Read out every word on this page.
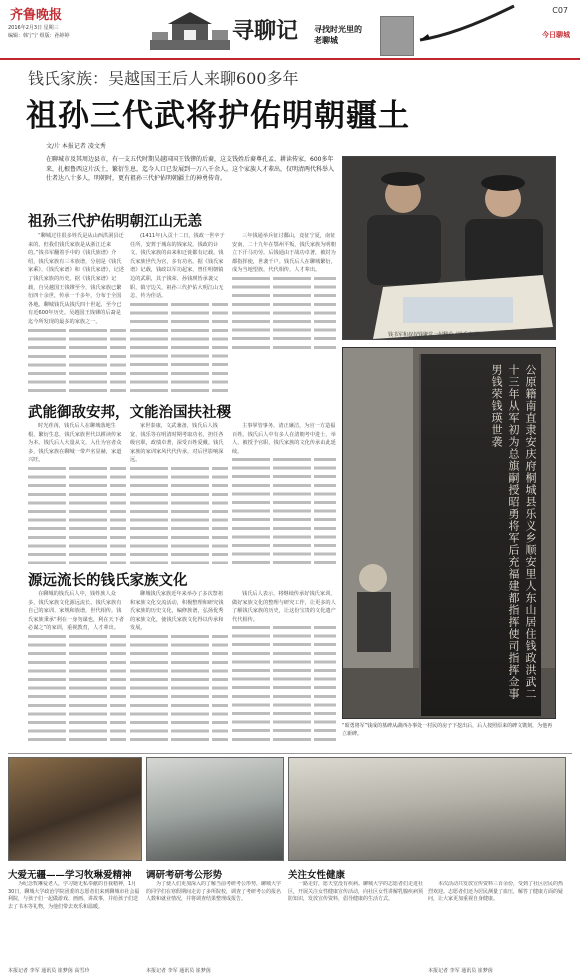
齐鲁晚报
2016年2月3日 星期三
编辑：韩宁宁 组版：孙婷婷	寻聊记 寻找时光里的
老聊城
C07
今日聊城
钱氏家族：吴越国王后人来聊600多年
祖孙三代武将护佑明朝疆土
文/片 本报记者 凌文秀
在聊城市及其周边县市，有一支五代时期吴越国国王钱镠的后裔，这支钱姓后裔尊孔孟、耕读传家，600多年来，扎根鲁西这片沃土，繁衍生息，迄今人口已发展到一万八千余人。这个家族人才辈出，仅明清两代科举入仕者达八十多人，明朝时，更有祖孙三代护佑明朝疆土的神勇传奇。
祖孙三代护佑明朝江山无恙
“聊城过往很多姓氏是从山西洪洞县迁来的，但我们钱氏家族是从浙江迁来的。”钱书军翻着手中的《钱氏族谱》介绍，钱氏家族有三本族谱，分别是《钱氏家乘》、《钱氏家谱》和《钱氏家谱》，记述了钱氏家族的历史。据《钱氏家谱》记载，自吴越国王钱镠至今，钱氏家族已繁衍四十余世，传承一千多年，分布于全国各地。聊城钱氏从钱氏四十世起，至今已有近600年历史。吴越国王钱镠的后裔是迄今所发现的最多的家族之一。
(1411年)入贡十二日，钱政一世卒于任所，安葬于城东的钱家坟。钱政的讣文、钱氏家族的由来和迁徙都有记载。钱氏家族世代为官，多有功名。据《钱氏家谱》记载，钱政以军功起家，曾任明朝镇边的武职，其子钱荣、孙钱瑛皆承袭父职，镇守边关，祖孙三代护佑大明江山无恙，传为佳话。
三年钱通举兵征讨鄱山，竟征宁夏，南征安南，二十九年在鄂州平叛，钱氏家族为明朝立下汗马功劳。后钱通由于战功卓著，被封为都指挥使，世袭千户。钱氏后人在聊城繁衍，成为当地望族，代代相传，人才辈出。
武能御敌安邦，文能治国扶社稷
时光荏苒，钱氏后人在聊城落地生根，繁衍生息，钱氏家族世代以耕读传家为本。钱氏后人大量从文，入仕为官者众多，钱氏家族在聊城一带声名显赫，家道兴旺。
家世泰康，文武兼备，钱氏后人钱宽、钱乐等在明清时期考取功名，担任各级官职，政绩卓著，深受百姓爱戴。钱氏家族的家训家风代代传承，对后世影响深远。
主事掌管事务，清正廉洁，为官一方造福百姓。钱氏后人中有多人在清朝考中进士、举人，被授予官职，钱氏家族的文化传承由此延续。
源远流长的钱氏家族文化
在聊城的钱氏后人中，钱姓族人众多，钱氏家族文化源远流长，钱氏家族有自己的家训、家规和族谱，世代相传。钱氏家族秉承“利在一身勿谋也，利在天下者必谋之”的家训，重视教育，人才辈出。
聊城钱氏家族近年来举办了多次祭祖和家族文化交流活动，积极整理和研究钱氏家族的历史文化，编修族谱，弘扬优秀的家族文化，使钱氏家族文化得以传承和发展。
钱氏后人表示，将继续传承好钱氏家训，做好家族文化的整理与研究工作，让更多的人了解钱氏家族的历史，让这份宝贵的文化遗产代代相传。
钱书军和叔叔钱聚堂一起翻看《钱氏家训》。
公原籍南直隶安庆府桐城县乐义乡顺安里人东山居住钱政洪武二十三年从军初为总旗嗣授昭勇将军后充福建都指挥使司指挥佥事男钱荣钱瑛世袭
“昭勇将军”钱成的墓碑从湖西办事处一村民的房子下挖出后，后人按照原来的碑文镌刻，为他再立新碑。
大爱无疆——学习牧琳爱精神 调研考研考公形势	关注女性健康
为纪念牧琳爱老人，学习她无私奉献的自我精神，1月30日，聊城大学政治学院团委的志愿者们来到聊城市社会福利院，与孩子们一起做游戏、画画、讲故事，并给孩子们送去了书本等礼物，为他们带去欢乐和温暖。
为了使人们更加深入的了解当前考研考公形势，聊城大学的同学们在寒假期间走访了多所院校，调查了考研考公的报名人数和就业情况，并将调查结果整理成报告。
一路走好，愿天堂没有疾病。聊城大学的志愿者们走进社区，开展关注女性健康宣传活动，向社区女性讲解乳腺疾病预防知识，发放宣传资料，倡导健康的生活方式。
本次活动共发放宣传资料三百余份，受到了社区居民的热烈欢迎。志愿者们还为居民测量了血压，解答了健康方面的疑问，让大家更加重视自身健康。
本报记者 李军 通讯员 崔梦茵 高雪玲	本报记者 李军 通讯员 崔梦茵	本报记者 李军 通讯员 崔梦茵
